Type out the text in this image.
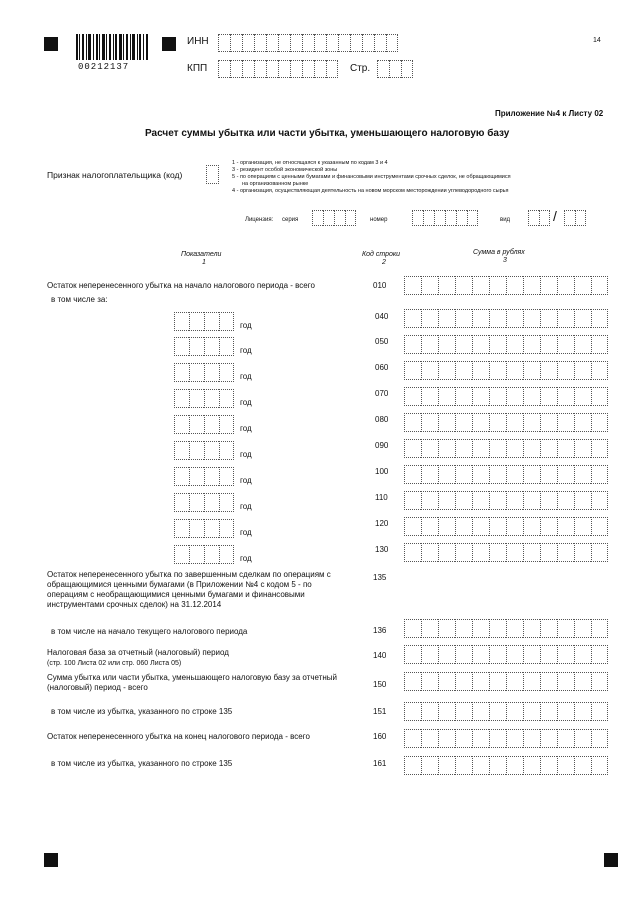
00212137
ИНН
КПП	Стр.
14
Приложение №4 к Листу 02
Расчет суммы убытка или части убытка, уменьшающего налоговую базу
Признак налогоплательщика (код)
1 - организация, не относящаяся к указанным по кодам 3 и 4
3 - резидент особой экономической зоны
5 - по операциям с ценными бумагами и финансовыми инструментами срочных сделок, не обращающимися
на организованном рынке
4 - организация, осуществляющая деятельность на новом морском месторождении углеводородного сырья
Лицензия: серия	номер	вид	/
Показатели
1
Код строки
2
Сумма в рублях
3
Остаток неперенесенного убытка на начало налогового периода - всего	010
в том числе за:
год
040
год
050
год
060
год
070
год
080
год
090
год
100
год
110
год
120
год
130
Остаток неперенесенного убытка по завершенным сделкам по операциям с обращающимися ценными бумагами (в Приложении №4 с кодом 5 - по операциям с необращающимися ценными бумагами и финансовыми инструментами срочных сделок) на 31.12.2014
135
в том числе на начало текущего налогового периода	136
Налоговая база за отчетный (налоговый) период
(стр. 100 Листа 02 или стр. 060 Листа 05)
140
Сумма убытка или части убытка, уменьшающего налоговую базу за отчетный (налоговый) период - всего	150
в том числе из убытка, указанного по строке 135	151
Остаток неперенесенного убытка на конец налогового периода - всего	160
в том числе из убытка, указанного по строке 135	161
